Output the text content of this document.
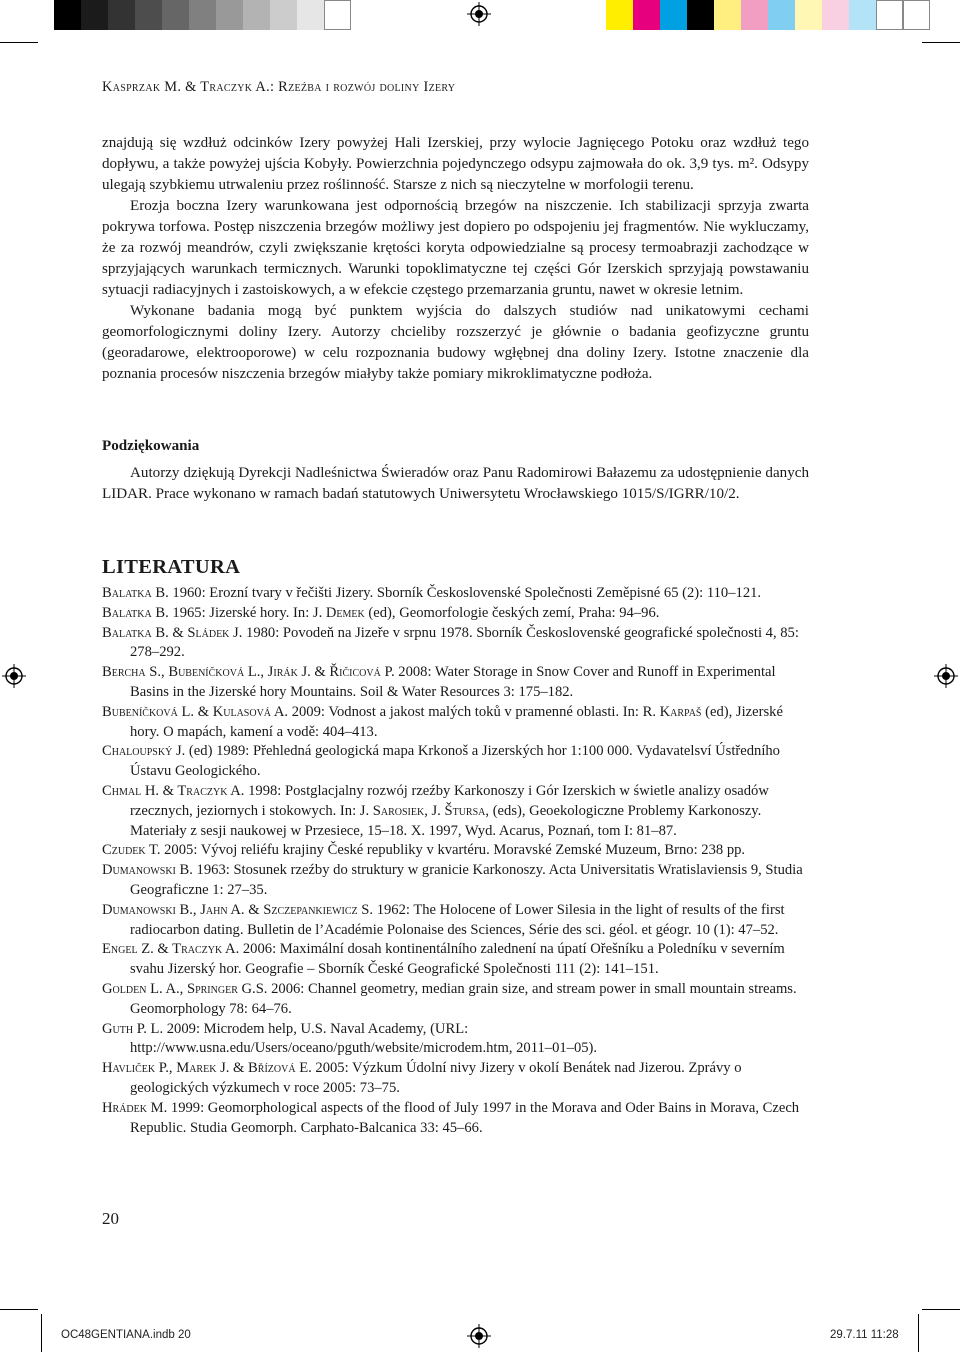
Kasprzak M. & Traczyk A.: Rzeźba i rozwój doliny Izery

znajdują się wzdłuż odcinków Izery powyżej Hali Izerskiej, przy wylocie Jagnięcego Potoku oraz wzdłuż tego dopływu, a także powyżej ujścia Kobyły. Powierzchnia pojedynczego odsypu zajmowała do ok. 3,9 tys. m². Odsypy ulegają szybkiemu utrwaleniu przez roślinność. Starsze z nich są nieczytelne w morfologii terenu.

Erozja boczna Izery warunkowana jest odpornością brzegów na niszczenie. Ich stabilizacji sprzyja zwarta pokrywa torfowa. Postęp niszczenia brzegów możliwy jest dopiero po odspojeniu jej fragmentów. Nie wykluczamy, że za rozwój meandrów, czyli zwiększanie krętości koryta odpowiedzialne są procesy termoabrazji zachodzące w sprzyjających warunkach termicznych. Warunki topoklimatyczne tej części Gór Izerskich sprzyjają powstawaniu sytuacji radiacyjnych i zastoiskowych, a w efekcie częstego przemarzania gruntu, nawet w okresie letnim.

Wykonane badania mogą być punktem wyjścia do dalszych studiów nad unikatowymi cechami geomorfologicznymi doliny Izery. Autorzy chcieliby rozszerzyć je głównie o badania geofizyczne gruntu (georadarowe, elektrooporowe) w celu rozpoznania budowy wgłębnej dna doliny Izery. Istotne znaczenie dla poznania procesów niszczenia brzegów miałyby także pomiary mikroklimatyczne podłoża.

Podziękowania

Autorzy dziękują Dyrekcji Nadleśnictwa Świeradów oraz Panu Radomirowi Bałazemu za udostępnienie danych LIDAR. Prace wykonano w ramach badań statutowych Uniwersytetu Wrocławskiego 1015/S/IGRR/10/2.

LITERATURA

Balatka B. 1960: Erozní tvary v řečišti Jizery. Sborník Československé Společnosti Zeměpisné 65 (2): 110–121.

Balatka B. 1965: Jizerské hory. In: J. Demek (ed), Geomorfologie českých zemí, Praha: 94–96.

Balatka B. & Sládek J. 1980: Povodeň na Jizeře v srpnu 1978. Sborník Československé geografické společnosti 4, 85: 278–292.

Bercha S., Bubeníčková L., Jirák J. & Řičicová P. 2008: Water Storage in Snow Cover and Runoff in Experimental Basins in the Jizerské hory Mountains. Soil & Water Resources 3: 175–182.

Bubeníčková L. & Kulasová A. 2009: Vodnost a jakost malých toků v pramenné oblasti. In: R. Karpaš (ed), Jizerské hory. O mapách, kamení a vodě: 404–413.

Chaloupský J. (ed) 1989: Přehledná geologická mapa Krkonoš a Jizerských hor 1:100 000. Vydavatelsví Ústředního Ústavu Geologického.

Chmal H. & Traczyk A. 1998: Postglacjalny rozwój rzeźby Karkonoszy i Gór Izerskich w świetle analizy osadów rzecznych, jeziornych i stokowych. In: J. Sarosiek, J. Štursa, (eds), Geoekologiczne Problemy Karkonoszy. Materiały z sesji naukowej w Przesiece, 15–18. X. 1997, Wyd. Acarus, Poznań, tom I: 81–87.

Czudek T. 2005: Vývoj reliéfu krajiny České republiky v kvartéru. Moravské Zemské Muzeum, Brno: 238 pp.

Dumanowski B. 1963: Stosunek rzeźby do struktury w granicie Karkonoszy. Acta Universitatis Wratislaviensis 9, Studia Geograficzne 1: 27–35.

Dumanowski B., Jahn A. & Szczepankiewicz S. 1962: The Holocene of Lower Silesia in the light of results of the first radiocarbon dating. Bulletin de l’Académie Polonaise des Sciences, Série des sci. géol. et géogr. 10 (1): 47–52.

Engel Z. & Traczyk A. 2006: Maximální dosah kontinentálního zalednení na úpatí Ořešníku a Poledníku v severním svahu Jizerský hor. Geografie – Sborník České Geografické Společnosti 111 (2): 141–151.

Golden L. A., Springer G.S. 2006: Channel geometry, median grain size, and stream power in small mountain streams. Geomorphology 78: 64–76.

Guth P. L. 2009: Microdem help, U.S. Naval Academy, (URL: http://www.usna.edu/Users/oceano/pguth/website/microdem.htm, 2011–01–05).

Havliček P., Marek J. & Břízová E. 2005: Výzkum Údolní nivy Jizery v okolí Benátek nad Jizerou. Zprávy o geologických výzkumech v roce 2005: 73–75.

Hrádek M. 1999: Geomorphological aspects of the flood of July 1997 in the Morava and Oder Bains in Morava, Czech Republic. Studia Geomorph. Carphato-Balcanica 33: 45–66.

20
OC48GENTIANA.indb 20	29.7.11 11:28
